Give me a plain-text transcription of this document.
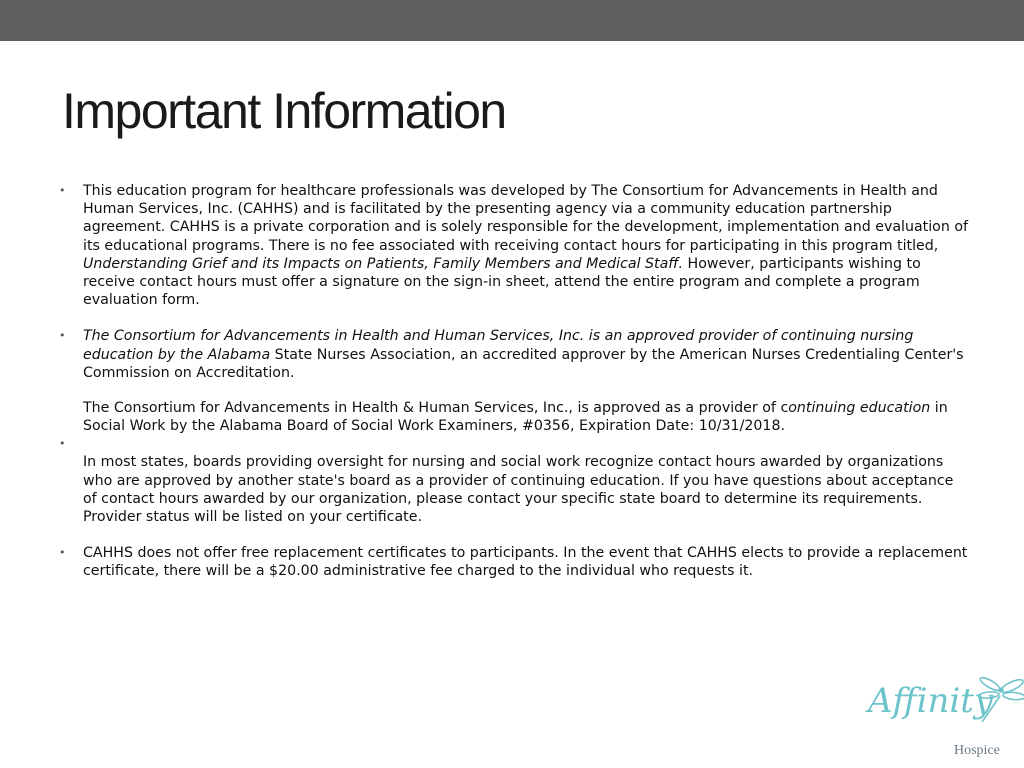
Important Information
• This education program for healthcare professionals was developed by The Consortium for Advancements in Health and Human Services, Inc. (CAHHS) and is facilitated by the presenting agency via a community education partnership agreement. CAHHS is a private corporation and is solely responsible for the development, implementation and evaluation of its educational programs. There is no fee associated with receiving contact hours for participating in this program titled, Understanding Grief and its Impacts on Patients, Family Members and Medical Staff. However, participants wishing to receive contact hours must offer a signature on the sign-in sheet, attend the entire program and complete a program evaluation form.

• The Consortium for Advancements in Health and Human Services, Inc. is an approved provider of continuing nursing education by the Alabama State Nurses Association, an accredited approver by the American Nurses Credentialing Center's Commission on Accreditation.

The Consortium for Advancements in Health & Human Services, Inc., is approved as a provider of continuing education in Social Work by the Alabama Board of Social Work Examiners, #0356, Expiration Date: 10/31/2018.

•

In most states, boards providing oversight for nursing and social work recognize contact hours awarded by organizations who are approved by another state's board as a provider of continuing education. If you have questions about acceptance of contact hours awarded by our organization, please contact your specific state board to determine its requirements. Provider status will be listed on your certificate.

• CAHHS does not offer free replacement certificates to participants. In the event that CAHHS elects to provide a replacement certificate, there will be a $20.00 administrative fee charged to the individual who requests it.

Affinity
Hospice
